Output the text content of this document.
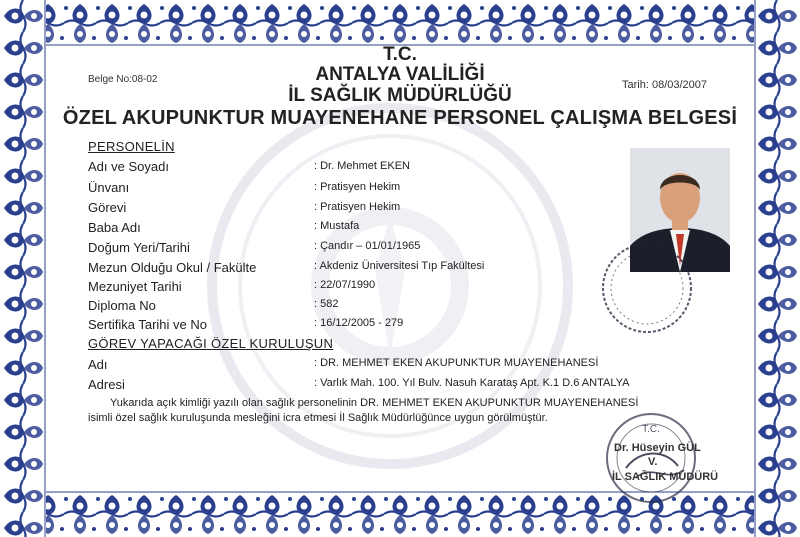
T.C.
ANTALYA VALİLİĞİ
İL SAĞLIK MÜDÜRLÜĞÜ
ÖZEL AKUPUNKTUR MUAYENEHANE PERSONEL ÇALIŞMA BELGESİ
Belge No:08-02	Tarih: 08/03/2007
PERSONELİN
Adı ve Soyadı	: Dr. Mehmet EKEN
Ünvanı	: Pratisyen Hekim
Görevi	: Pratisyen Hekim
Baba Adı	: Mustafa
Doğum Yeri/Tarihi	: Çandır – 01/01/1965
Mezun Olduğu Okul / Fakülte	: Akdeniz Üniversitesi Tıp Fakültesi
Mezuniyet Tarihi	: 22/07/1990
Diploma No	: 582
Sertifika Tarihi ve No	: 16/12/2005 - 279
GÖREV YAPACAĞI ÖZEL KURULUŞUN
Adı	: DR. MEHMET EKEN AKUPUNKTUR MUAYENEHANESİ
Adresi	: Varlık Mah. 100. Yıl Bulv. Nasuh Karataş Apt. K.1 D.6 ANTALYA
Yukarıda açık kimliği yazılı olan sağlık personelinin DR. MEHMET EKEN AKUPUNKTUR MUAYENEHANESİ
isimli özel sağlık kuruluşunda mesleğini icra etmesi İl Sağlık Müdürlüğünce uygun görülmüştür.
T.C.
Dr. Hüseyin GÜL
V.
İL SAĞLIK MÜDÜRÜ
